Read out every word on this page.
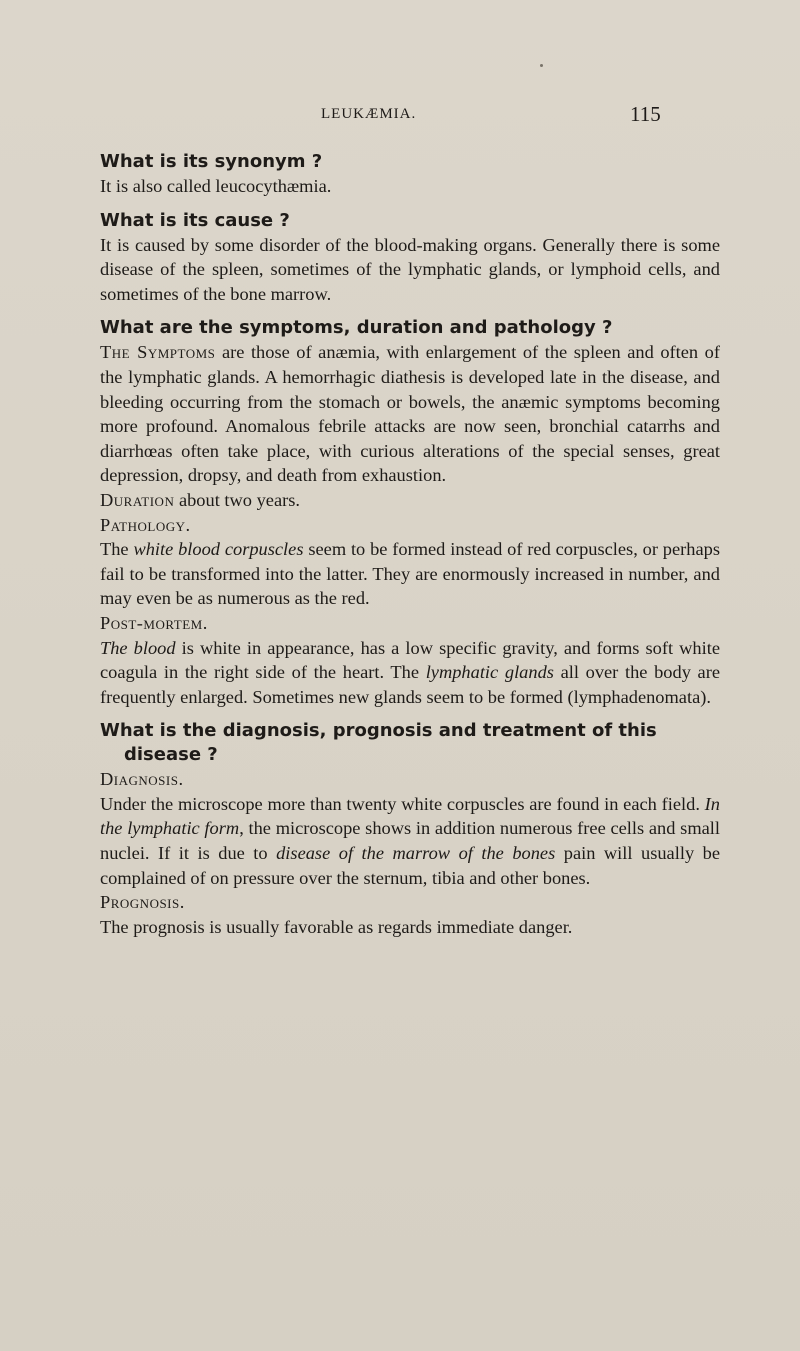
LEUKÆMIA.	115

What is its synonym ?

It is also called leucocythæmia.

What is its cause ?

It is caused by some disorder of the blood-making organs. Generally there is some disease of the spleen, sometimes of the lymphatic glands, or lymphoid cells, and sometimes of the bone marrow.

What are the symptoms, duration and pathology ?

The Symptoms are those of anæmia, with enlargement of the spleen and often of the lymphatic glands. A hemorrhagic diathesis is developed late in the disease, and bleeding occurring from the stomach or bowels, the anæmic symptoms becoming more profound. Anomalous febrile attacks are now seen, bronchial catarrhs and diarrhœas often take place, with curious alterations of the special senses, great depression, dropsy, and death from exhaustion.

Duration about two years.

Pathology.

The white blood corpuscles seem to be formed instead of red corpuscles, or perhaps fail to be transformed into the latter. They are enormously increased in number, and may even be as numerous as the red.

Post-mortem.

The blood is white in appearance, has a low specific gravity, and forms soft white coagula in the right side of the heart. The lymphatic glands all over the body are frequently enlarged. Sometimes new glands seem to be formed (lymphadenomata).

What is the diagnosis, prognosis and treatment of this disease ?

Diagnosis.

Under the microscope more than twenty white corpuscles are found in each field. In the lymphatic form, the microscope shows in addition numerous free cells and small nuclei. If it is due to disease of the marrow of the bones pain will usually be complained of on pressure over the sternum, tibia and other bones.

Prognosis.

The prognosis is usually favorable as regards immediate danger.
